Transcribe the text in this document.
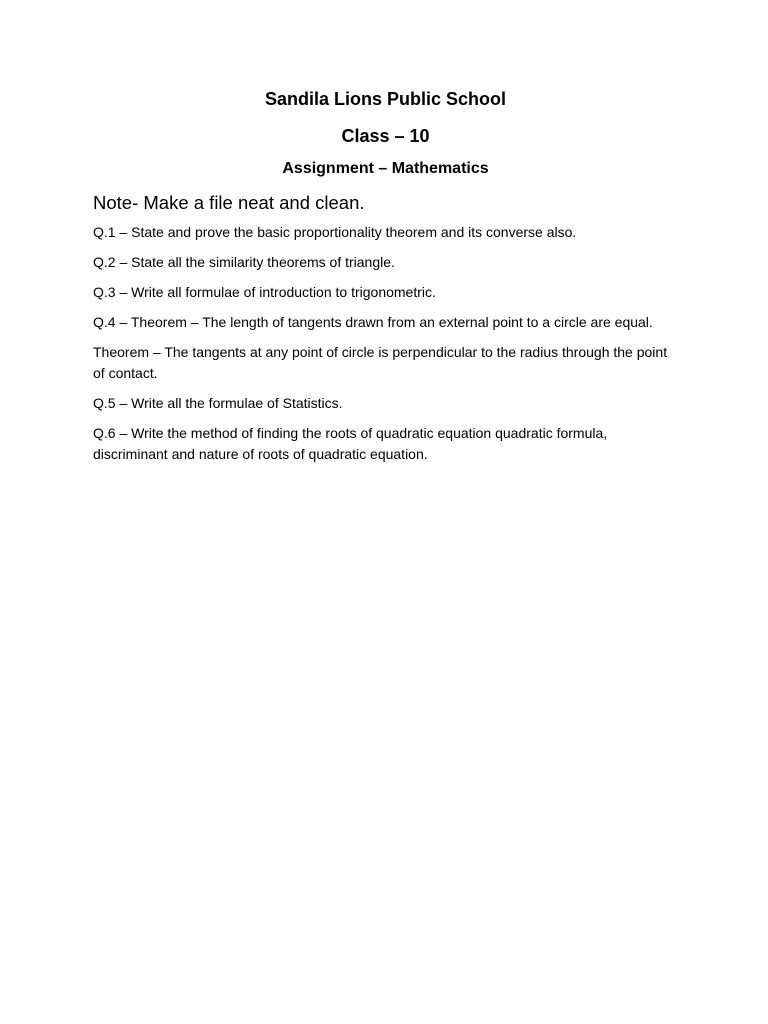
Sandila Lions Public School
Class – 10
Assignment – Mathematics
Note- Make a file neat and clean.
Q.1 – State and prove the basic proportionality theorem and its converse also.
Q.2 – State all the similarity theorems of triangle.
Q.3 – Write all formulae of introduction to trigonometric.
Q.4 – Theorem – The length of tangents drawn from an external point to a circle are equal.
Theorem – The tangents at any point of circle is perpendicular to the radius through the point of contact.
Q.5 – Write all the formulae of Statistics.
Q.6 – Write the method of finding the roots of quadratic equation quadratic formula, discriminant and nature of roots of quadratic equation.
